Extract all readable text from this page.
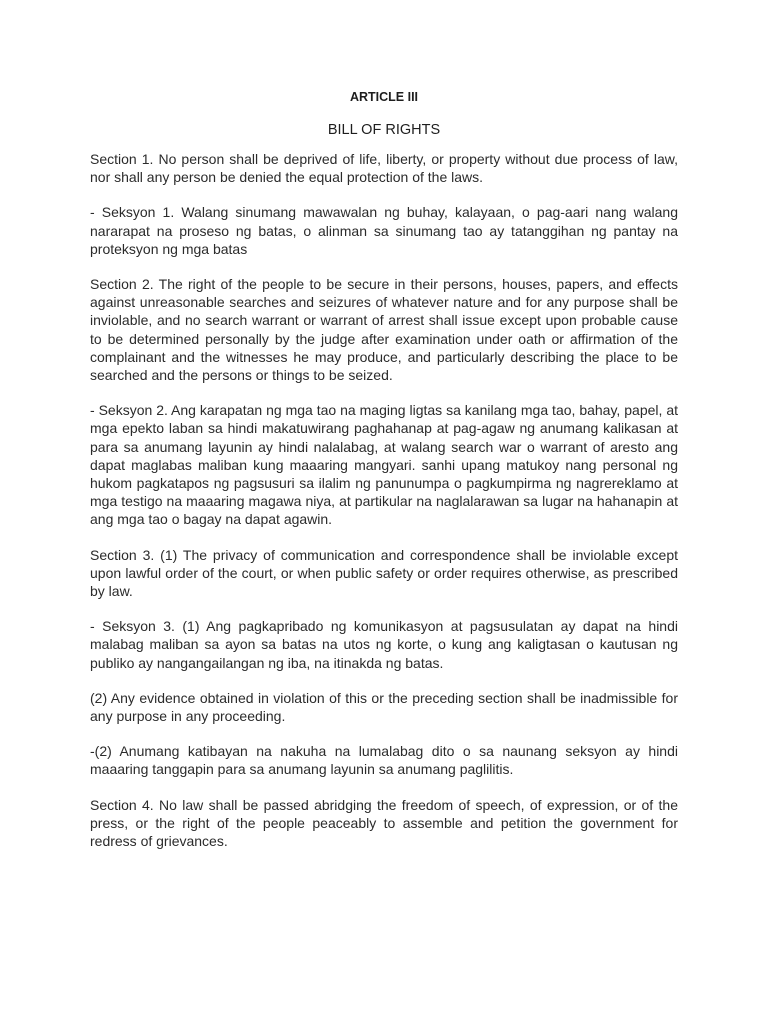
ARTICLE III
BILL OF RIGHTS

Section 1. No person shall be deprived of life, liberty, or property without due process of law, nor shall any person be denied the equal protection of the laws.

- Seksyon 1. Walang sinumang mawawalan ng buhay, kalayaan, o pag-aari nang walang nararapat na proseso ng batas, o alinman sa sinumang tao ay tatanggihan ng pantay na proteksyon ng mga batas

Section 2. The right of the people to be secure in their persons, houses, papers, and effects against unreasonable searches and seizures of whatever nature and for any purpose shall be inviolable, and no search warrant or warrant of arrest shall issue except upon probable cause to be determined personally by the judge after examination under oath or affirmation of the complainant and the witnesses he may produce, and particularly describing the place to be searched and the persons or things to be seized.

- Seksyon 2. Ang karapatan ng mga tao na maging ligtas sa kanilang mga tao, bahay, papel, at mga epekto laban sa hindi makatuwirang paghahanap at pag-agaw ng anumang kalikasan at para sa anumang layunin ay hindi nalalabag, at walang search war o warrant of aresto ang dapat maglabas maliban kung maaaring mangyari. sanhi upang matukoy nang personal ng hukom pagkatapos ng pagsusuri sa ilalim ng panunumpa o pagkumpirma ng nagrereklamo at mga testigo na maaaring magawa niya, at partikular na naglalarawan sa lugar na hahanapin at ang mga tao o bagay na dapat agawin.

Section 3. (1) The privacy of communication and correspondence shall be inviolable except upon lawful order of the court, or when public safety or order requires otherwise, as prescribed by law.

- Seksyon 3. (1) Ang pagkapribado ng komunikasyon at pagsusulatan ay dapat na hindi malabag maliban sa ayon sa batas na utos ng korte, o kung ang kaligtasan o kautusan ng publiko ay nangangailangan ng iba, na itinakda ng batas.

(2) Any evidence obtained in violation of this or the preceding section shall be inadmissible for any purpose in any proceeding.

-(2) Anumang katibayan na nakuha na lumalabag dito o sa naunang seksyon ay hindi maaaring tanggapin para sa anumang layunin sa anumang paglilitis.

Section 4. No law shall be passed abridging the freedom of speech, of expression, or of the press, or the right of the people peaceably to assemble and petition the government for redress of grievances.
